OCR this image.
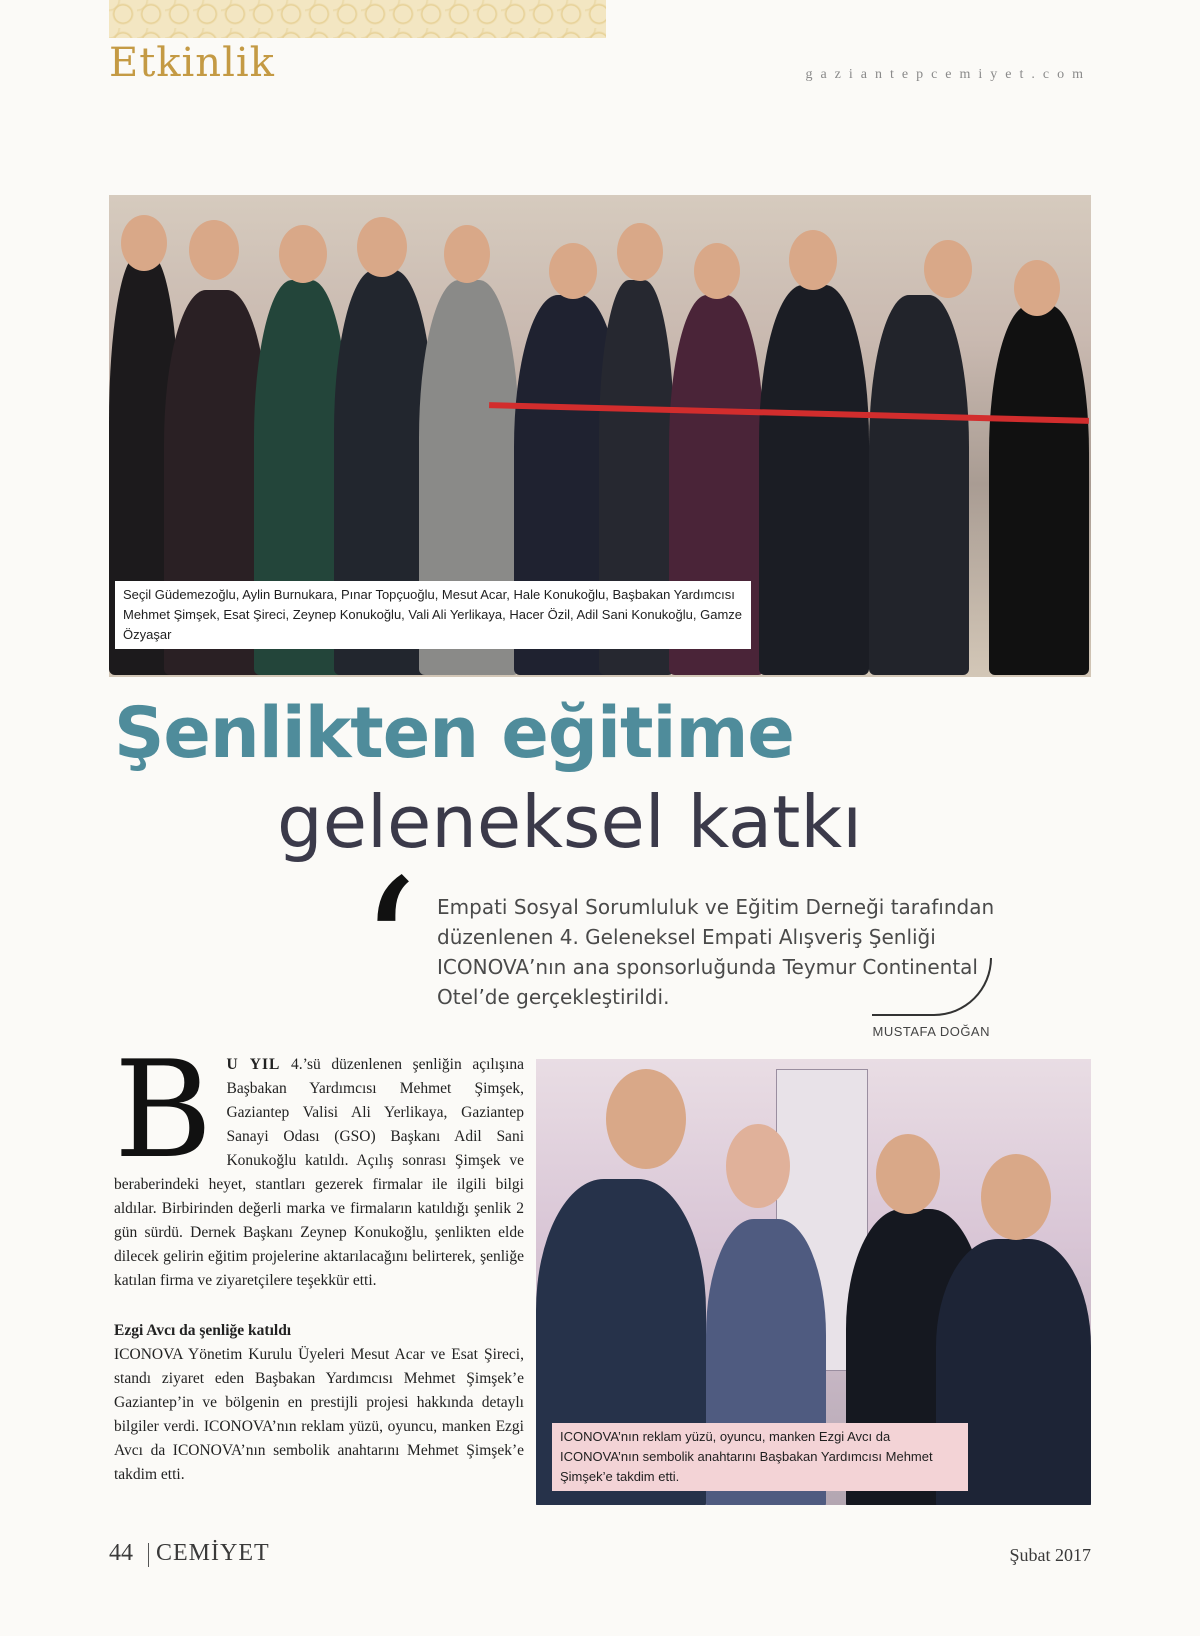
Etkinlik	gaziantepcemiyet.com
Seçil Güdemezoğlu, Aylin Burnukara, Pınar Topçuoğlu, Mesut Acar, Hale Konukoğlu, Başbakan Yardımcısı Mehmet Şimşek, Esat Şireci, Zeynep Konukoğlu, Vali Ali Yerlikaya, Hacer Özil, Adil Sani Konukoğlu, Gamze Özyaşar
Şenlikten eğitime
geleneksel katkı
‘ Empati Sosyal Sorumluluk ve Eğitim Derneği tarafından düzenlenen 4. Geleneksel Empati Alışveriş Şenliği ICONOVA’nın ana sponsorluğunda Teymur Continental Otel’de gerçekleştirildi.
MUSTAFA DOĞAN
B U YIL 4.’sü düzenlenen şenliğin açılışına Başbakan Yardımcısı Mehmet Şimşek, Gaziantep Valisi Ali Yerlikaya, Gaziantep Sanayi Odası (GSO) Başkanı Adil Sani Konukoğlu katıldı. Açılış sonrası Şimşek ve beraberindeki heyet, stantları gezerek firmalar ile ilgili bilgi aldılar. Birbirinden değerli marka ve firmaların katıldığı şenlik 2 gün sürdü. Dernek Başkanı Zeynep Konukoğlu, şenlikten elde dilecek gelirin eğitim projelerine aktarılacağını belirterek, şenliğe katılan firma ve ziyaretçilere teşekkür etti.
Ezgi Avcı da şenliğe katıldı
ICONOVA Yönetim Kurulu Üyeleri Mesut Acar ve Esat Şireci, standı ziyaret eden Başbakan Yardımcısı Mehmet Şimşek’e Gaziantep’in ve bölgenin en prestijli projesi hakkında detaylı bilgiler verdi. ICONOVA’nın reklam yüzü, oyuncu, manken Ezgi Avcı da ICONOVA’nın sembolik anahtarını Mehmet Şimşek’e takdim etti.
ICONOVA’nın reklam yüzü, oyuncu, manken Ezgi Avcı da ICONOVA’nın sembolik anahtarını Başbakan Yardımcısı Mehmet Şimşek’e takdim etti.
44 CEMİYET	Şubat 2017
